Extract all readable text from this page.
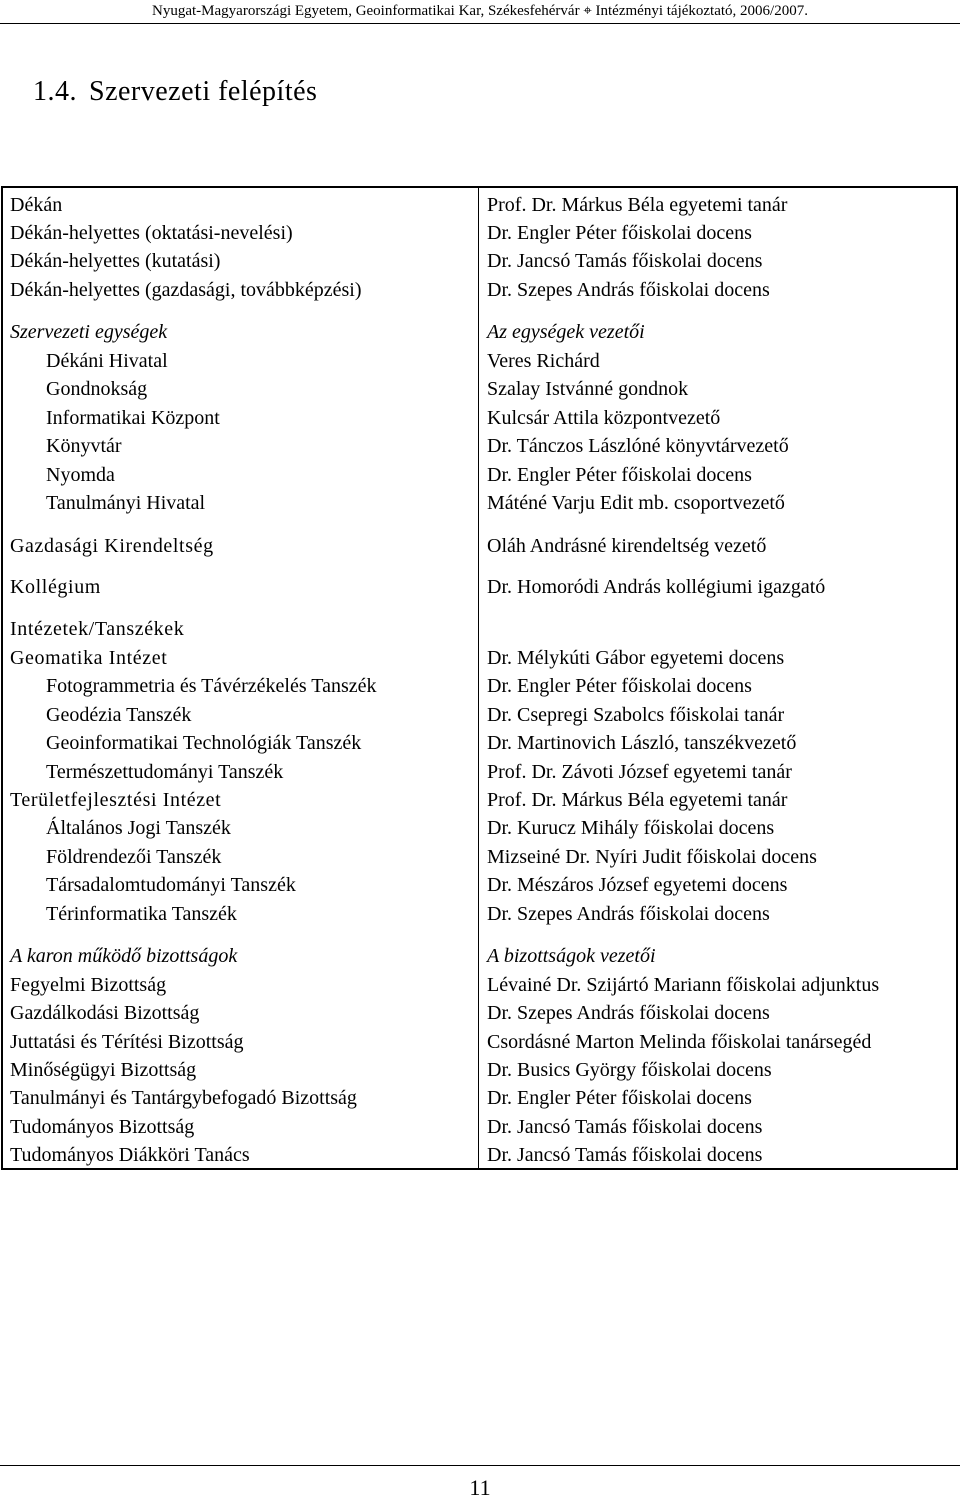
Nyugat-Magyarországi Egyetem, Geoinformatikai Kar, Székesfehérvár ⌖ Intézményi tájékoztató, 2006/2007.
1.4. Szervezeti felépítés
Dékán
Dékán-helyettes (oktatási-nevelési)
Dékán-helyettes (kutatási)
Dékán-helyettes (gazdasági, továbbképzési)
Szervezeti egységek
Dékáni Hivatal
Gondnokság
Informatikai Központ
Könyvtár
Nyomda
Tanulmányi Hivatal
Gazdasági Kirendeltség
Kollégium
Intézetek/Tanszékek
Geomatika Intézet
Fotogrammetria és Távérzékelés Tanszék
Geodézia Tanszék
Geoinformatikai Technológiák Tanszék
Természettudományi Tanszék
Területfejlesztési Intézet
Általános Jogi Tanszék
Földrendezői Tanszék
Társadalomtudományi Tanszék
Térinformatika Tanszék
A karon működő bizottságok
Fegyelmi Bizottság
Gazdálkodási Bizottság
Juttatási és Térítési Bizottság
Minőségügyi Bizottság
Tanulmányi és Tantárgybefogadó Bizottság
Tudományos Bizottság
Tudományos Diákköri Tanács
Prof. Dr. Márkus Béla egyetemi tanár
Dr. Engler Péter főiskolai docens
Dr. Jancsó Tamás főiskolai docens
Dr. Szepes András főiskolai docens
Az egységek vezetői
Veres Richárd
Szalay Istvánné gondnok
Kulcsár Attila központvezető
Dr. Tánczos Lászlóné könyvtárvezető
Dr. Engler Péter főiskolai docens
Máténé Varju Edit mb. csoportvezető
Oláh Andrásné kirendeltség vezető
Dr. Homoródi András kollégiumi igazgató
Dr. Mélykúti Gábor egyetemi docens
Dr. Engler Péter főiskolai docens
Dr. Csepregi Szabolcs főiskolai tanár
Dr. Martinovich László, tanszékvezető
Prof. Dr. Závoti József egyetemi tanár
Prof. Dr. Márkus Béla egyetemi tanár
Dr. Kurucz Mihály főiskolai docens
Mizseiné Dr. Nyíri Judit főiskolai docens
Dr. Mészáros József egyetemi docens
Dr. Szepes András főiskolai docens
A bizottságok vezetői
Lévainé Dr. Szijártó Mariann főiskolai adjunktus
Dr. Szepes András főiskolai docens
Csordásné Marton Melinda főiskolai tanársegéd
Dr. Busics György főiskolai docens
Dr. Engler Péter főiskolai docens
Dr. Jancsó Tamás főiskolai docens
Dr. Jancsó Tamás főiskolai docens
11
